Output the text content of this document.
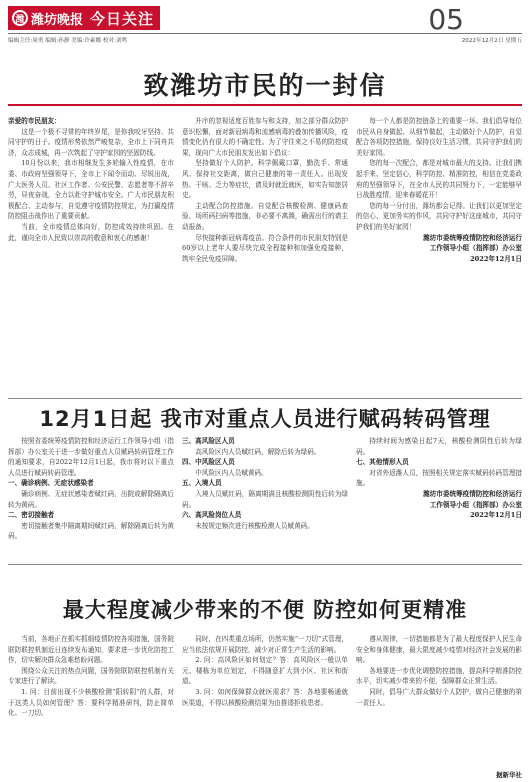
潍 潍坊晚报 今日关注	05
编辑主任:周勇 编辑:孙静 美编:许素娜 校对:刘鸣	2022年12月2日 星期五
致潍坊市民的一封信

亲爱的市民朋友：

这是一个极不寻常的年终岁尾，是你我咬牙坚持、共同守护的日子。疫情形势依然严峻复杂，全市上下同舟共济，众志成城，再一次筑起了守护家园的坚固防线。

10月份以来，我市相继发生多轮输入性疫情，在市委、市政府坚强领导下，全市上下闻令而动、尽锐出战，广大医务人员、社区工作者、公安民警、志愿者等不辞辛劳，昼夜奋战，全力以赴守护城市安全。广大市民朋友积极配合、主动参与，自觉遵守疫情防控规定，为打赢疫情防控阻击战作出了重要贡献。

当前，全市疫情总体向好，防控成效持续巩固。在此，谨向全市人民致以崇高的敬意和衷心的感谢！

升序的忽视适度百姓参与和支持，加之部分群众防护意识松懈，面对新冠病毒和流感病毒的叠加传播风险，疫情变化仍有很大的不确定性。为了守住来之不易的防控成果，现向广大市民朋友发出如下倡议：

坚持做好个人防护。科学佩戴口罩，勤洗手、常通风、保持社交距离，做自己健康的第一责任人。出现发热、干咳、乏力等症状，请及时就近就医，如实告知旅居史。

主动配合防控措施。自觉配合核酸检测、健康码查验、场所码扫码等措施，非必要不离潍，确需出行的请主动报备。

尽快接种新冠病毒疫苗。符合条件的市民朋友特别是60岁以上老年人要尽快完成全程接种和加强免疫接种，筑牢全民免疫屏障。

每一个人都是防控链条上的重要一环。我们倡导每位市民从自身做起、从细节做起，主动做好个人防护，自觉配合各项防控措施，保持良好生活习惯，共同守护我们的美好家园。

您的每一次配合，都是对城市最大的支持。让我们携起手来、坚定信心，科学防控、精准防控，相信在党委政府的坚强领导下，在全市人民的共同努力下，一定能够早日战胜疫情，迎来春暖花开！

您的每一分付出，潍坊都会记得。让我们以更加坚定的信心、更加务实的作风，共同守护好这座城市，共同守护我们的美好家园！

潍坊市委统筹疫情防控和经济运行

工作领导小组（指挥部）办公室

2022年12月1日

12月1日起 我市对重点人员进行赋码转码管理

按照省委统筹疫情防控和经济运行工作领导小组（指挥部）办公室关于进一步做好重点人员赋码转码管理工作的通知要求，自2022年12月1日起，我市将对以下重点人员进行赋码转码管理。

一、确诊病例、无症状感染者

确诊病例、无症状感染者赋红码，出院或解除隔离后转为黄码。

二、密切接触者

密切接触者集中隔离期间赋红码，解除隔离后转为黄码。

三、高风险区人员

高风险区内人员赋红码，解除后转为绿码。

四、中风险区人员

中风险区内人员赋黄码。

五、入境人员

入境人员赋红码，隔离期满且核酸检测阴性后转为绿码。

六、高风险岗位人员

未按规定频次进行核酸检测人员赋黄码。

持续时间为感染日起7天，核酸检测阴性后转为绿码。

七、其他情形人员

对省外返潍人员，按照相关规定落实赋码转码管理措施。

潍坊市委统筹疫情防控和经济运行

工作领导小组（指挥部）办公室

2022年12月1日

最大程度减少带来的不便 防控如何更精准

当前，各地正在抓实抓细疫情防控各项措施，国务院联防联控机制近日连续发布通知，要求进一步优化防控工作，切实解决群众急难愁盼问题。

围绕公众关注的热点问题，国务院联防联控机制有关专家进行了解读。

1. 问：目前出现不少核酸检测“阳转阴”的人群，对于这类人员如何管理？答：要科学精准研判，防止简单化、一刀切。

同时，在四类重点场所，仍然实施“一刀切”式管理，应当依法依规开展防控，减少对正常生产生活的影响。

2. 问：高风险区如何划定？答：高风险区一般以单元、楼栋为单位划定，不得随意扩大到小区、社区和街道。

3. 问：如何保障群众就医需求？答：各地要畅通就医渠道，不得以核酸检测结果为由推诿拒收患者。

遵从规律，一切措施都是为了最大程度保护人民生命安全和身体健康，最大限度减少疫情对经济社会发展的影响。

各地要进一步优化调整防控措施，提高科学精准防控水平，切实减少带来的不便，保障群众正常生活。

同时，倡导广大群众做好个人防护，做自己健康的第一责任人。

据新华社
